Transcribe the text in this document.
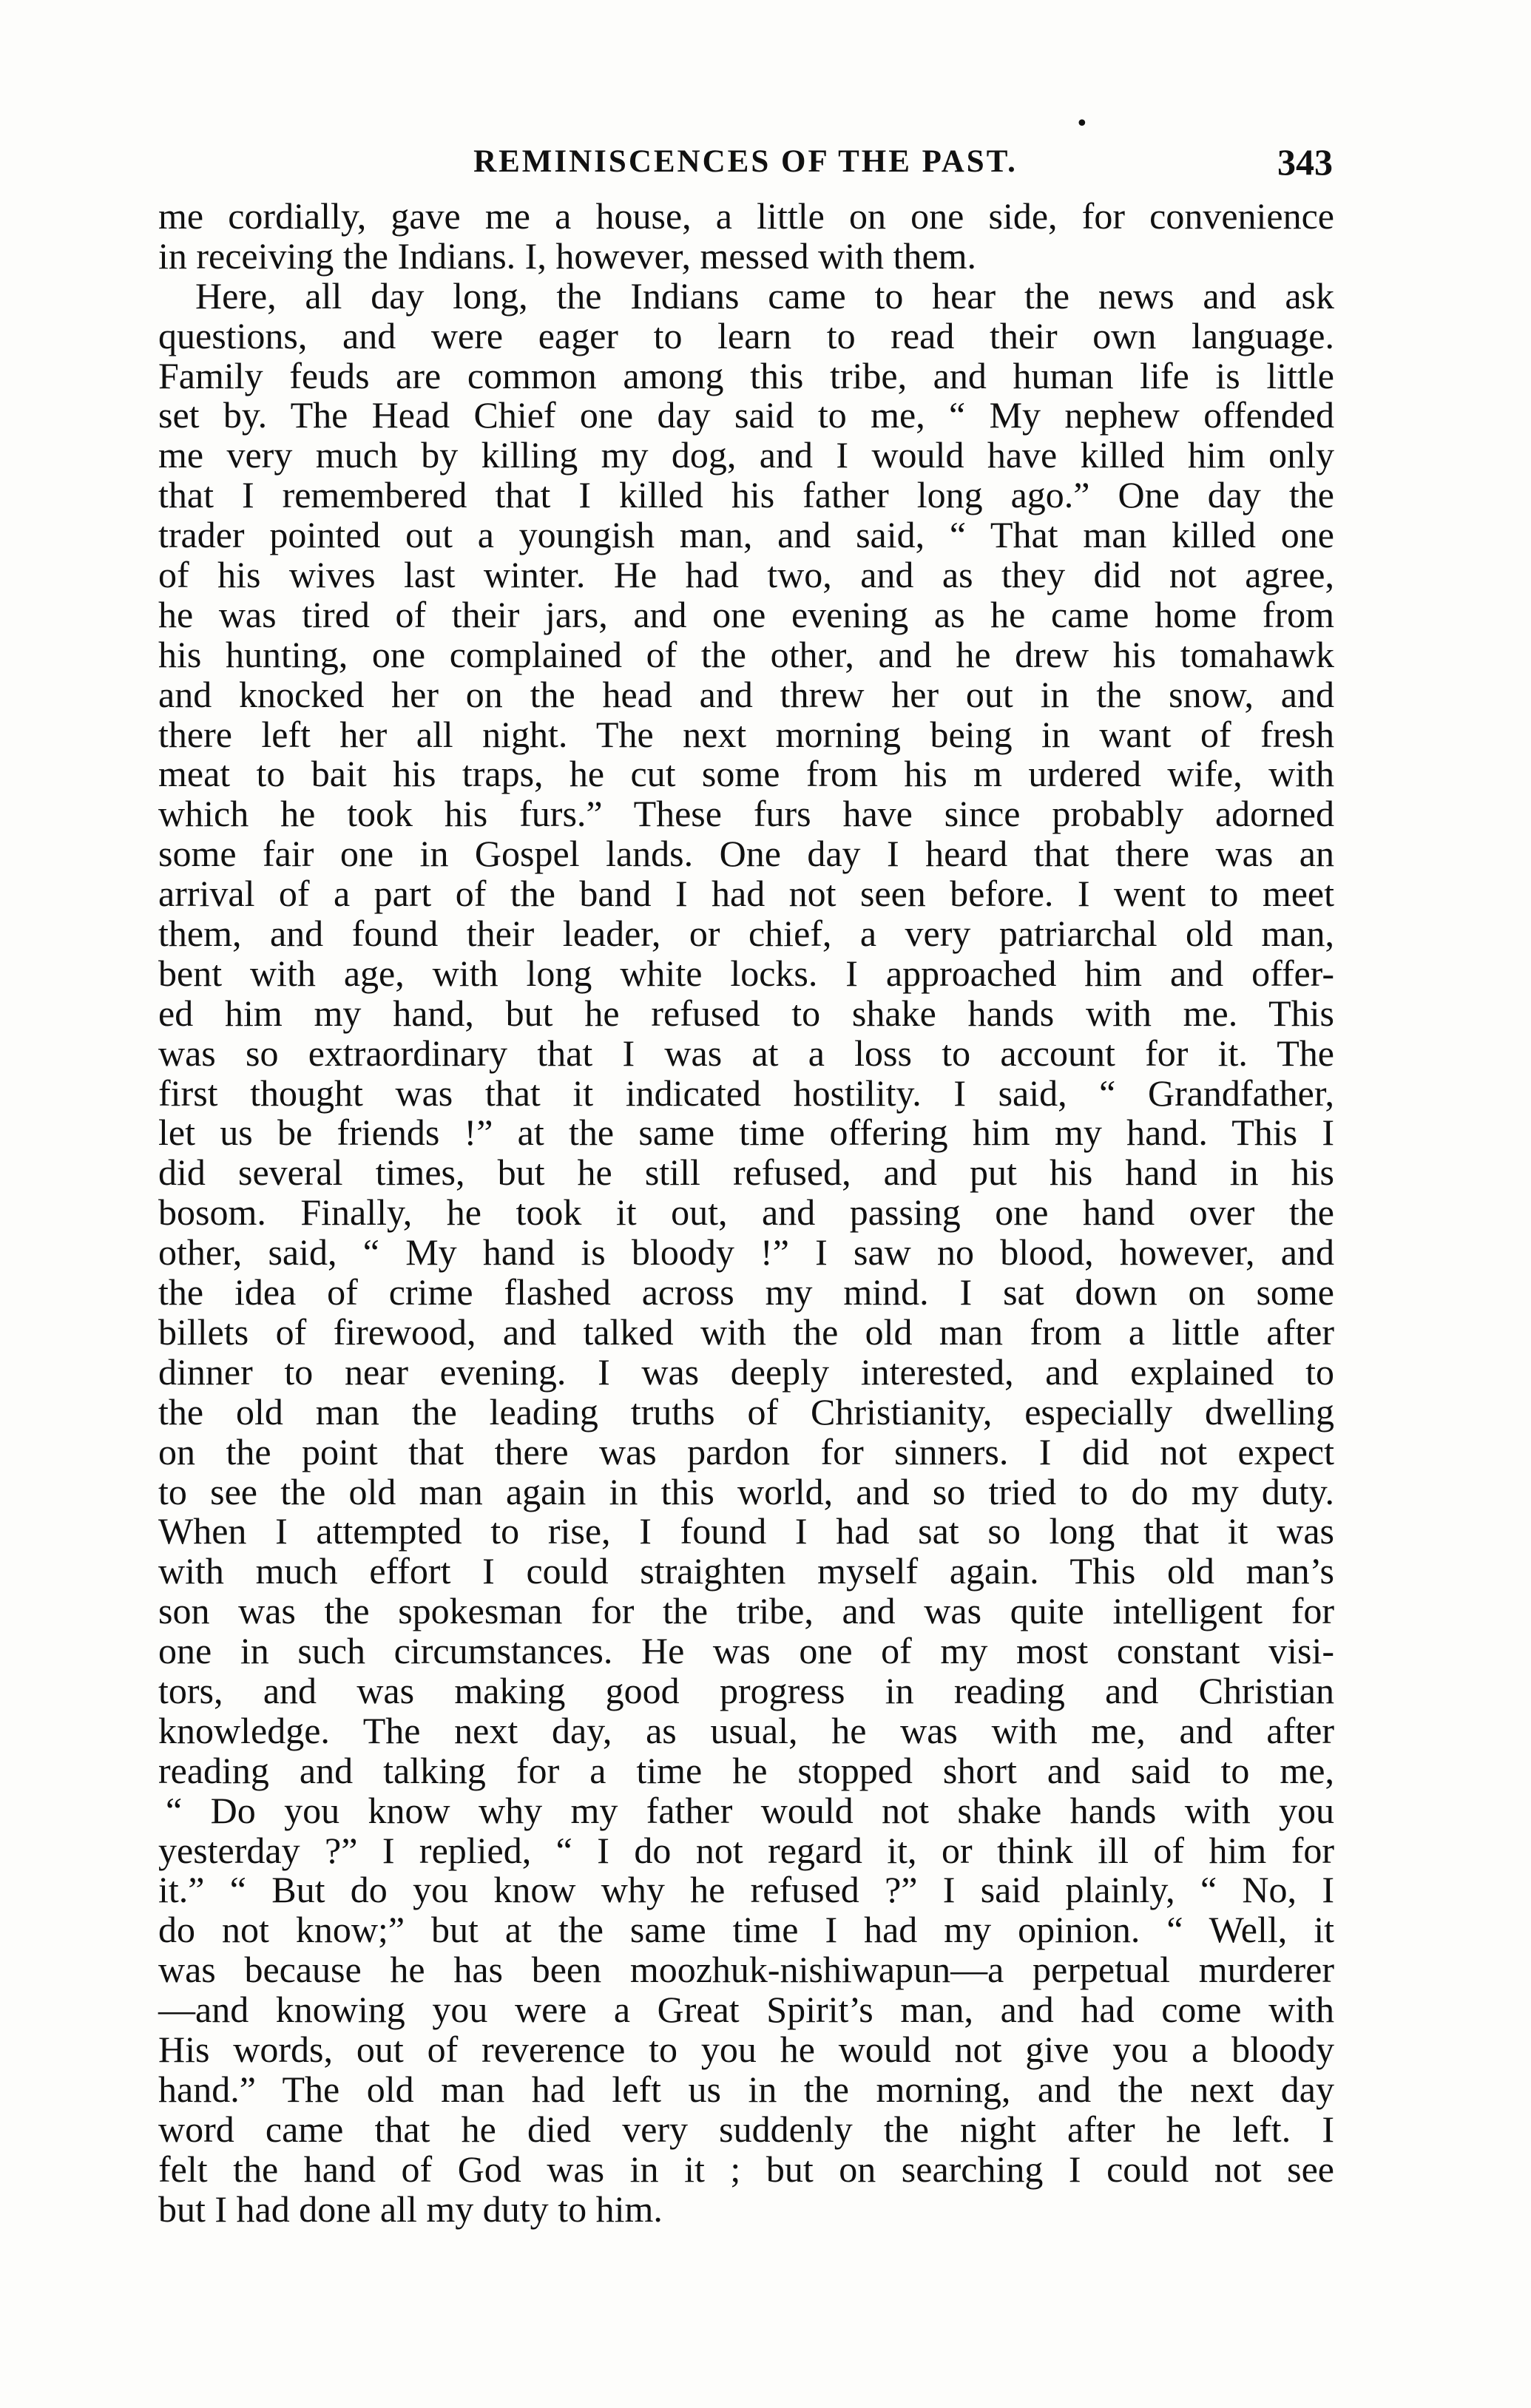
•
REMINISCENCES OF THE PAST.	343
me cordially, gave me a house, a little on one side, for convenience
in receiving the Indians. I, however, messed with them.
Here, all day long, the Indians came to hear the news and ask
questions, and were eager to learn to read their own language.
Family feuds are common among this tribe, and human life is little
set by. The Head Chief one day said to me, “ My nephew offended
me very much by killing my dog, and I would have killed him only
that I remembered that I killed his father long ago.” One day the
trader pointed out a youngish man, and said, “ That man killed one
of his wives last winter. He had two, and as they did not agree,
he was tired of their jars, and one evening as he came home from
his hunting, one complained of the other, and he drew his tomahawk
and knocked her on the head and threw her out in the snow, and
there left her all night. The next morning being in want of fresh
meat to bait his traps, he cut some from his m urdered wife, with
which he took his furs.” These furs have since probably adorned
some fair one in Gospel lands. One day I heard that there was an
arrival of a part of the band I had not seen before. I went to meet
them, and found their leader, or chief, a very patriarchal old man,
bent with age, with long white locks. I approached him and offer-
ed him my hand, but he refused to shake hands with me. This
was so extraordinary that I was at a loss to account for it. The
first thought was that it indicated hostility. I said, “ Grandfather,
let us be friends !” at the same time offering him my hand. This I
did several times, but he still refused, and put his hand in his
bosom. Finally, he took it out, and passing one hand over the
other, said, “ My hand is bloody !” I saw no blood, however, and
the idea of crime flashed across my mind. I sat down on some
billets of firewood, and talked with the old man from a little after
dinner to near evening. I was deeply interested, and explained to
the old man the leading truths of Christianity, especially dwelling
on the point that there was pardon for sinners. I did not expect
to see the old man again in this world, and so tried to do my duty.
When I attempted to rise, I found I had sat so long that it was
with much effort I could straighten myself again. This old man’s
son was the spokesman for the tribe, and was quite intelligent for
one in such circumstances. He was one of my most constant visi-
tors, and was making good progress in reading and Christian
knowledge. The next day, as usual, he was with me, and after
reading and talking for a time he stopped short and said to me,
“ Do you know why my father would not shake hands with you
yesterday ?” I replied, “ I do not regard it, or think ill of him for
it.” “ But do you know why he refused ?” I said plainly, “ No, I
do not know;” but at the same time I had my opinion. “ Well, it
was because he has been moozhuk-nishiwapun—a perpetual murderer
—and knowing you were a Great Spirit’s man, and had come with
His words, out of reverence to you he would not give you a bloody
hand.” The old man had left us in the morning, and the next day
word came that he died very suddenly the night after he left. I
felt the hand of God was in it ; but on searching I could not see
but I had done all my duty to him.
